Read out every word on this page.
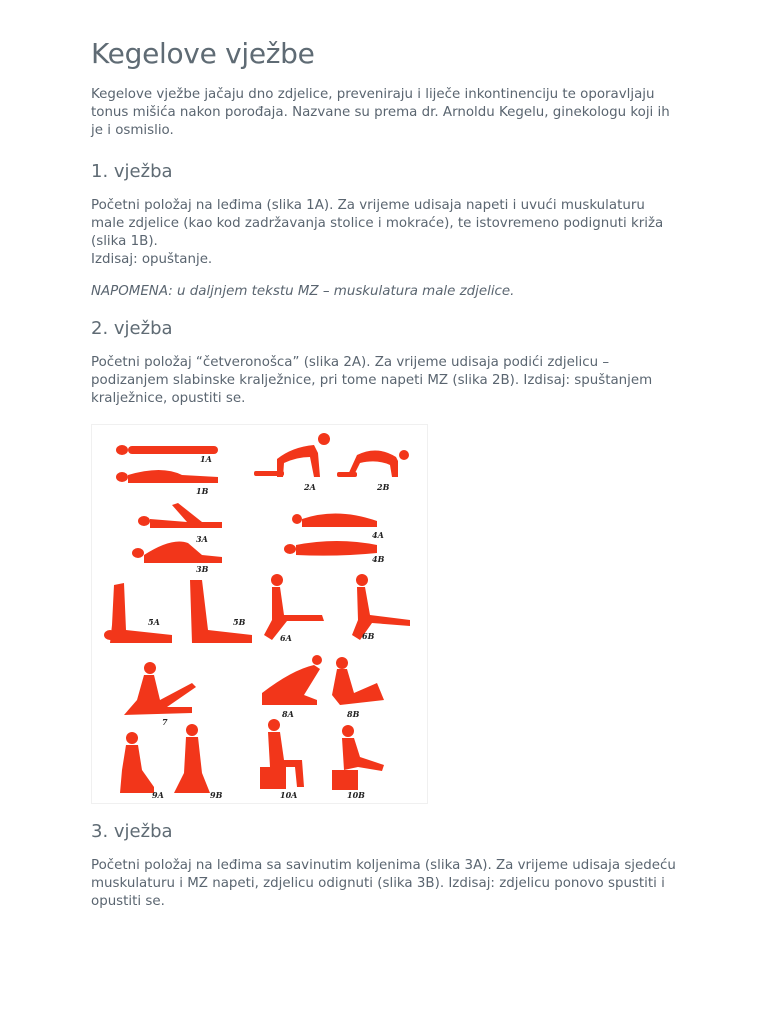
Kegelove vježbe

Kegelove vježbe jačaju dno zdjelice, preveniraju i liječe inkontinenciju te oporavljaju tonus mišića nakon porođaja. Nazvane su prema dr. Arnoldu Kegelu, ginekologu koji ih je i osmislio.

1. vježba

Početni položaj na leđima (slika 1A). Za vrijeme udisaja napeti i uvući muskulaturu male zdjelice (kao kod zadržavanja stolice i mokraće), te istovremeno podignuti križa (slika 1B).

Izdisaj: opuštanje.

NAPOMENA: u daljnjem tekstu MZ – muskulatura male zdjelice.

2. vježba

Početni položaj “četveronošca” (slika 2A). Za vrijeme udisaja podići zdjelicu – podizanjem slabinske kralježnice, pri tome napeti MZ (slika 2B). Izdisaj: spuštanjem kralježnice, opustiti se.

1A
1B	2A	2B
3A
3B
4A
4B
5A	5B
6A	6B
7
8A	8B
9A	9B	10A	10B
3. vježba

Početni položaj na leđima sa savinutim koljenima (slika 3A). Za vrijeme udisaja sjedeću muskulaturu i MZ napeti, zdjelicu odignuti (slika 3B). Izdisaj: zdjelicu ponovo spustiti i opustiti se.
